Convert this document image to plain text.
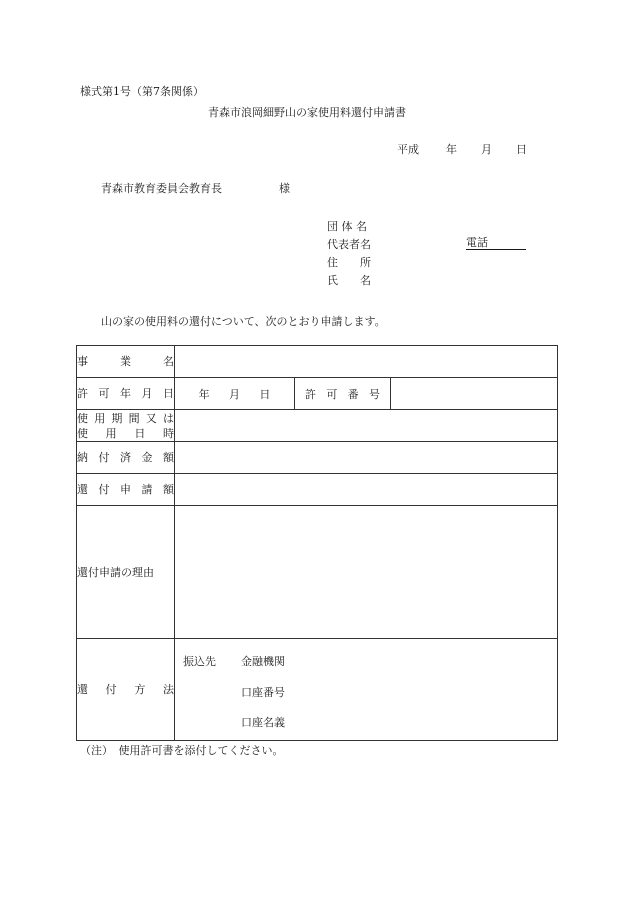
様式第1号（第7条関係）
青森市浪岡細野山の家使用料還付申請書
平成 年 月 日
青森市教育委員会教育長	様
団 体 名
代表者名	電話
住　　所
氏　　名
山の家の使用料の還付について、次のとおり申請します。
事業名			
許可年月日	年 月 日	許可番号	

使用期間又は
使用日時			

納付済金額			
還付申請額			
還付申請の理由			
還付方法	振込先 金融機関
口座番号
口座名義		
（注）　使用許可書を添付してください。
